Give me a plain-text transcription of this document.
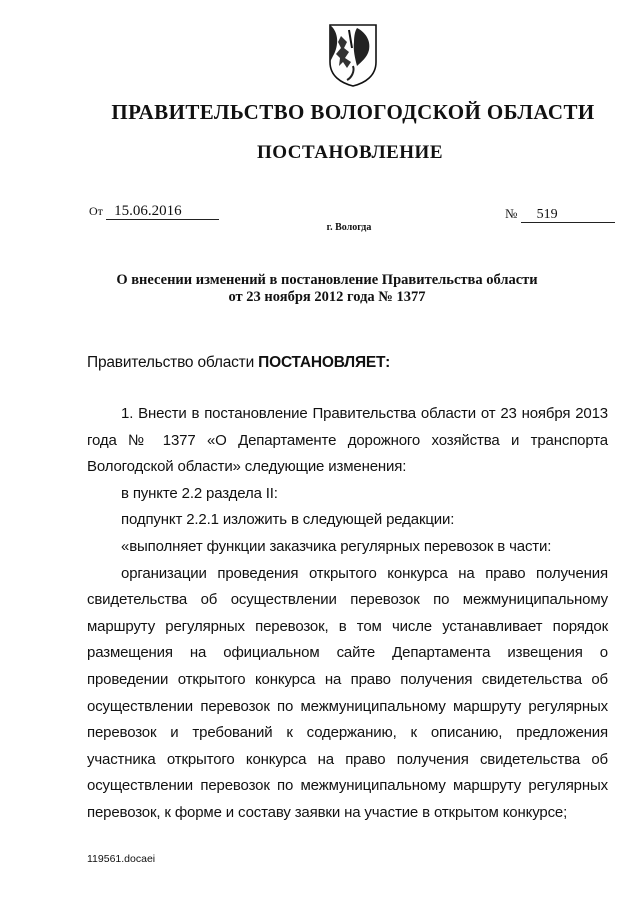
ПРАВИТЕЛЬСТВО ВОЛОГОДСКОЙ ОБЛАСТИ
ПОСТАНОВЛЕНИЕ
От 15.06.2016	№ 519
г. Вологда
О внесении изменений в постановление Правительства области
от 23 ноября 2012 года № 1377
Правительство области ПОСТАНОВЛЯЕТ:

1. Внести в постановление Правительства области от 23 ноября 2013 года № 1377 «О Департаменте дорожного хозяйства и транспорта Вологодской области» следующие изменения:

в пункте 2.2 раздела II:

подпункт 2.2.1 изложить в следующей редакции:

«выполняет функции заказчика регулярных перевозок в части:

организации проведения открытого конкурса на право получения свидетельства об осуществлении перевозок по межмуниципальному маршруту регулярных перевозок, в том числе устанавливает порядок размещения на официальном сайте Департамента извещения о проведении открытого конкурса на право получения свидетельства об осуществлении перевозок по межмуниципальному маршруту регулярных перевозок и требований к содержанию, к описанию, предложения участника открытого конкурса на право получения свидетельства об осуществлении перевозок по межмуниципальному маршруту регулярных перевозок, к форме и составу заявки на участие в открытом конкурсе;

119561.docaei
